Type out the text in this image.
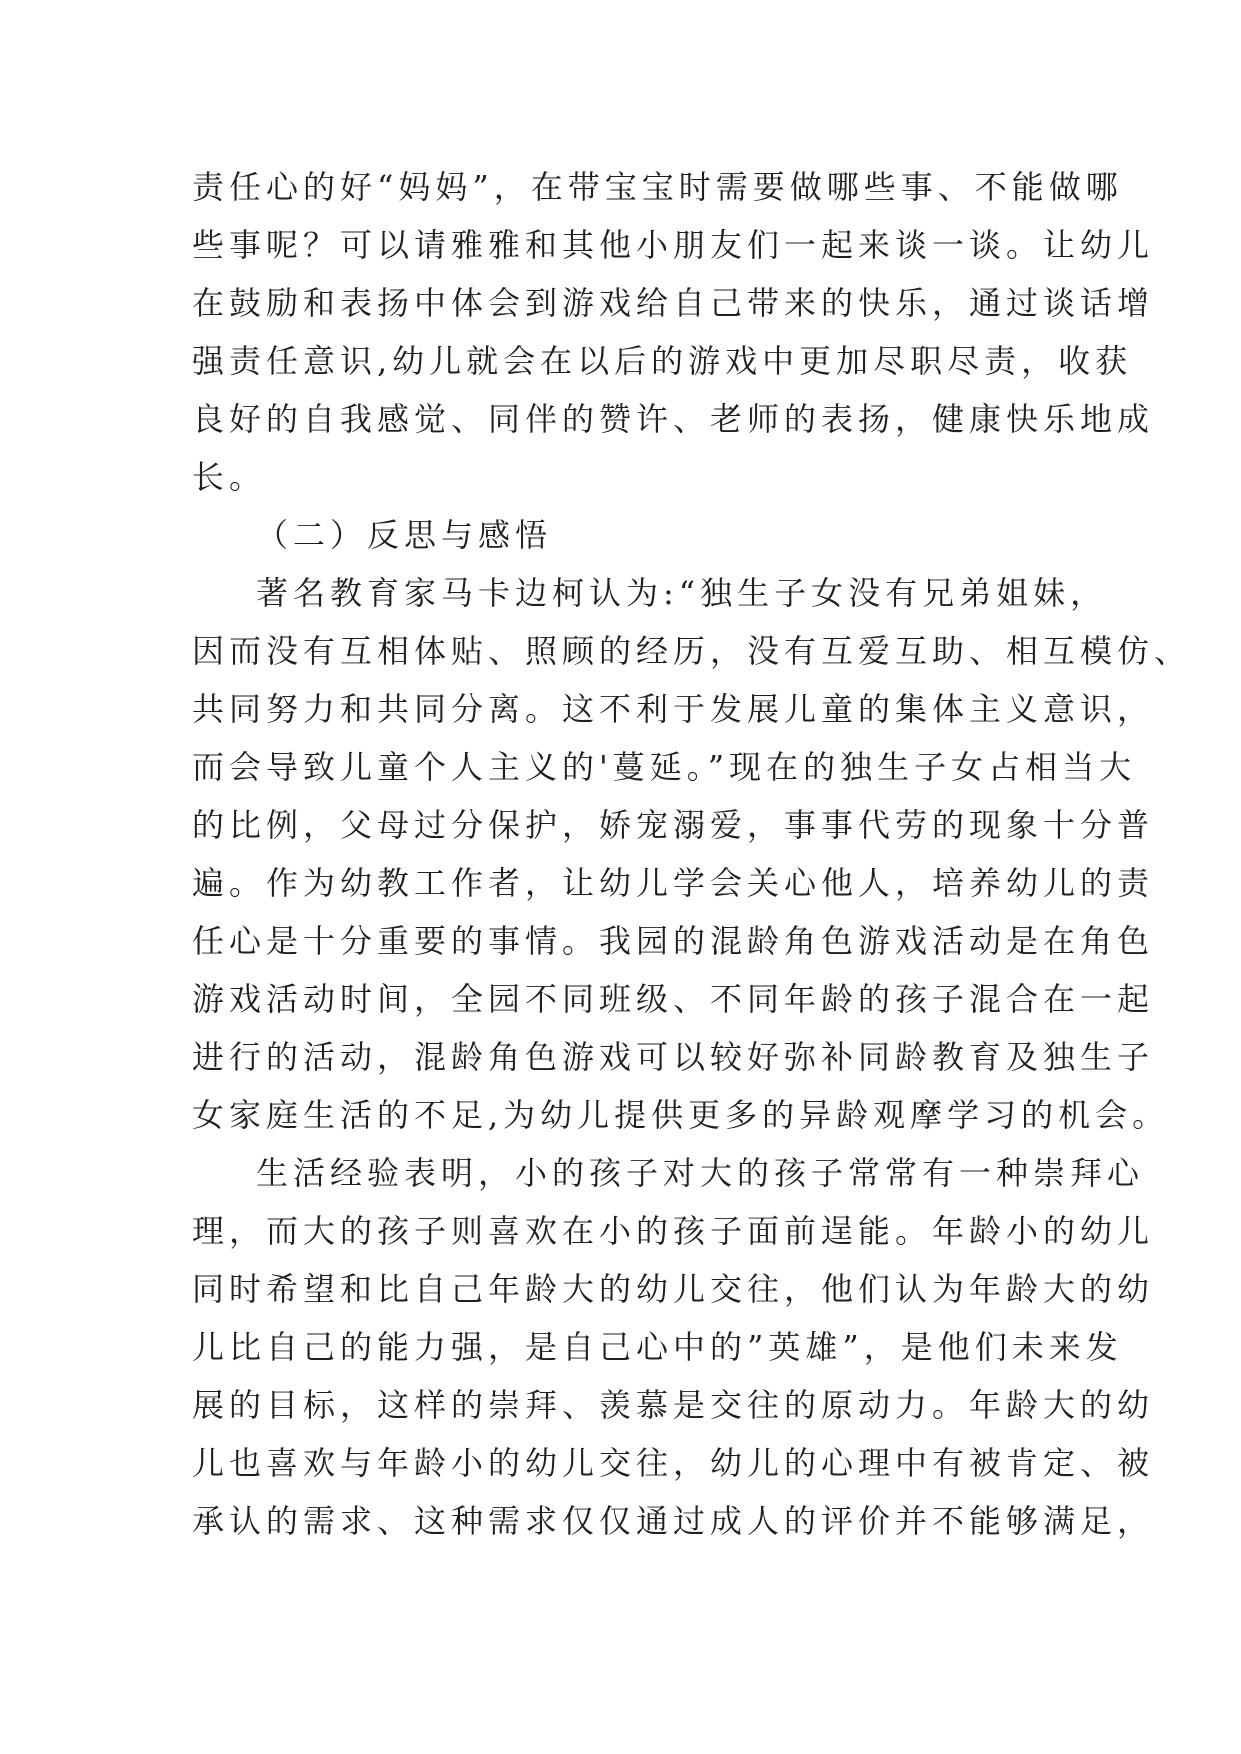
责任心的好“妈妈”，在带宝宝时需要做哪些事、不能做哪
些事呢？可以请雅雅和其他小朋友们一起来谈一谈。让幼儿
在鼓励和表扬中体会到游戏给自己带来的快乐，通过谈话增
强责任意识,幼儿就会在以后的游戏中更加尽职尽责，收获
良好的自我感觉、同伴的赞许、老师的表扬，健康快乐地成
长。
（二）反思与感悟
著名教育家马卡边柯认为:“独生子女没有兄弟姐妹，
因而没有互相体贴、照顾的经历，没有互爱互助、相互模仿、
共同努力和共同分离。这不利于发展儿童的集体主义意识，
而会导致儿童个人主义的'蔓延。”现在的独生子女占相当大
的比例，父母过分保护，娇宠溺爱，事事代劳的现象十分普
遍。作为幼教工作者，让幼儿学会关心他人，培养幼儿的责
任心是十分重要的事情。我园的混龄角色游戏活动是在角色
游戏活动时间，全园不同班级、不同年龄的孩子混合在一起
进行的活动，混龄角色游戏可以较好弥补同龄教育及独生子
女家庭生活的不足,为幼儿提供更多的异龄观摩学习的机会。
生活经验表明，小的孩子对大的孩子常常有一种崇拜心
理，而大的孩子则喜欢在小的孩子面前逞能。年龄小的幼儿
同时希望和比自己年龄大的幼儿交往，他们认为年龄大的幼
儿比自己的能力强，是自己心中的”英雄”，是他们未来发
展的目标，这样的崇拜、羡慕是交往的原动力。年龄大的幼
儿也喜欢与年龄小的幼儿交往，幼儿的心理中有被肯定、被
承认的需求、这种需求仅仅通过成人的评价并不能够满足，
